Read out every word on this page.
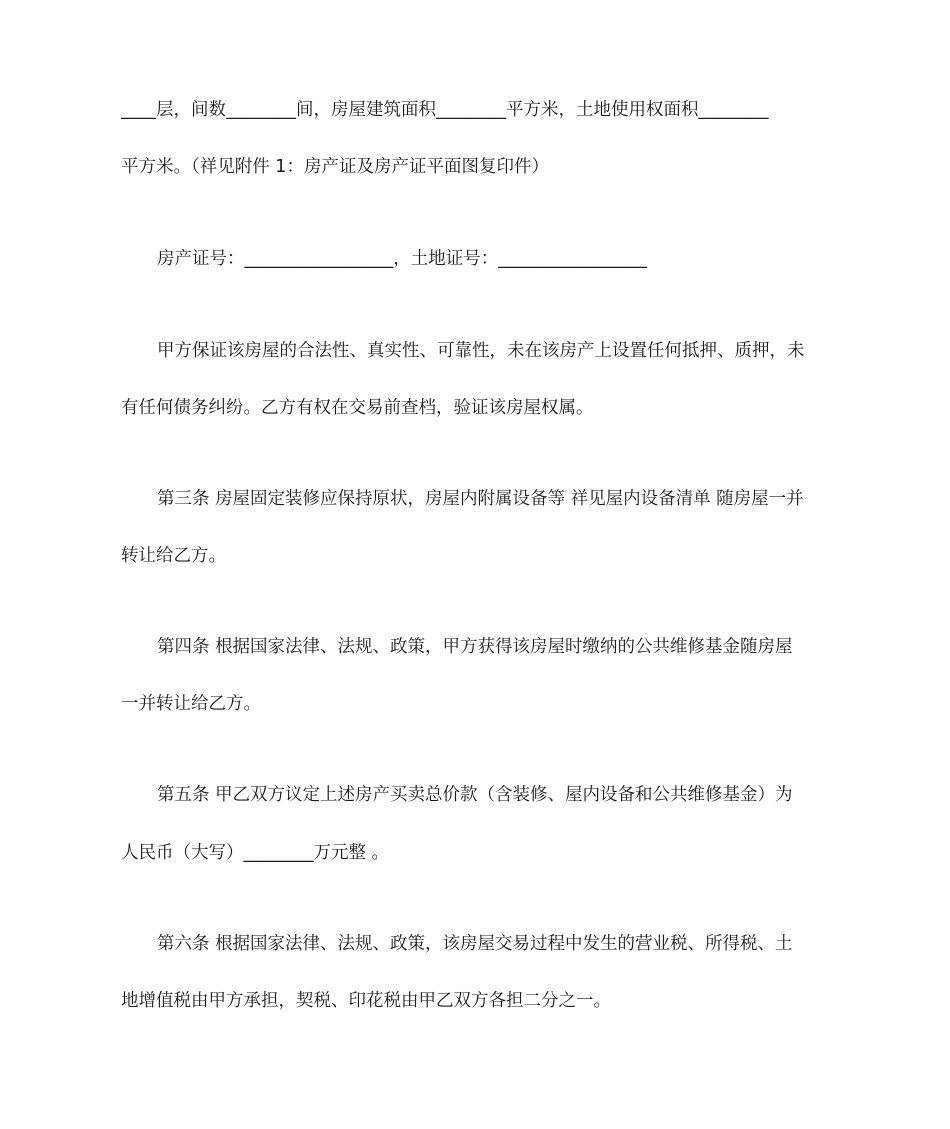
____层，间数________间，房屋建筑面积________平方米，土地使用权面积________
平方米。（祥见附件 1：房产证及房产证平面图复印件）
房产证号：_________________，土地证号：_________________
甲方保证该房屋的合法性、真实性、可靠性，未在该房产上设置任何抵押、质押，未
有任何债务纠纷。乙方有权在交易前查档，验证该房屋权属。
第三条 房屋固定装修应保持原状，房屋内附属设备等 祥见屋内设备清单 随房屋一并
转让给乙方。
第四条 根据国家法律、法规、政策，甲方获得该房屋时缴纳的公共维修基金随房屋
一并转让给乙方。
第五条 甲乙双方议定上述房产买卖总价款（含装修、屋内设备和公共维修基金）为
人民币（大写）________万元整 。
第六条 根据国家法律、法规、政策，该房屋交易过程中发生的营业税、所得税、土
地增值税由甲方承担，契税、印花税由甲乙双方各担二分之一。
